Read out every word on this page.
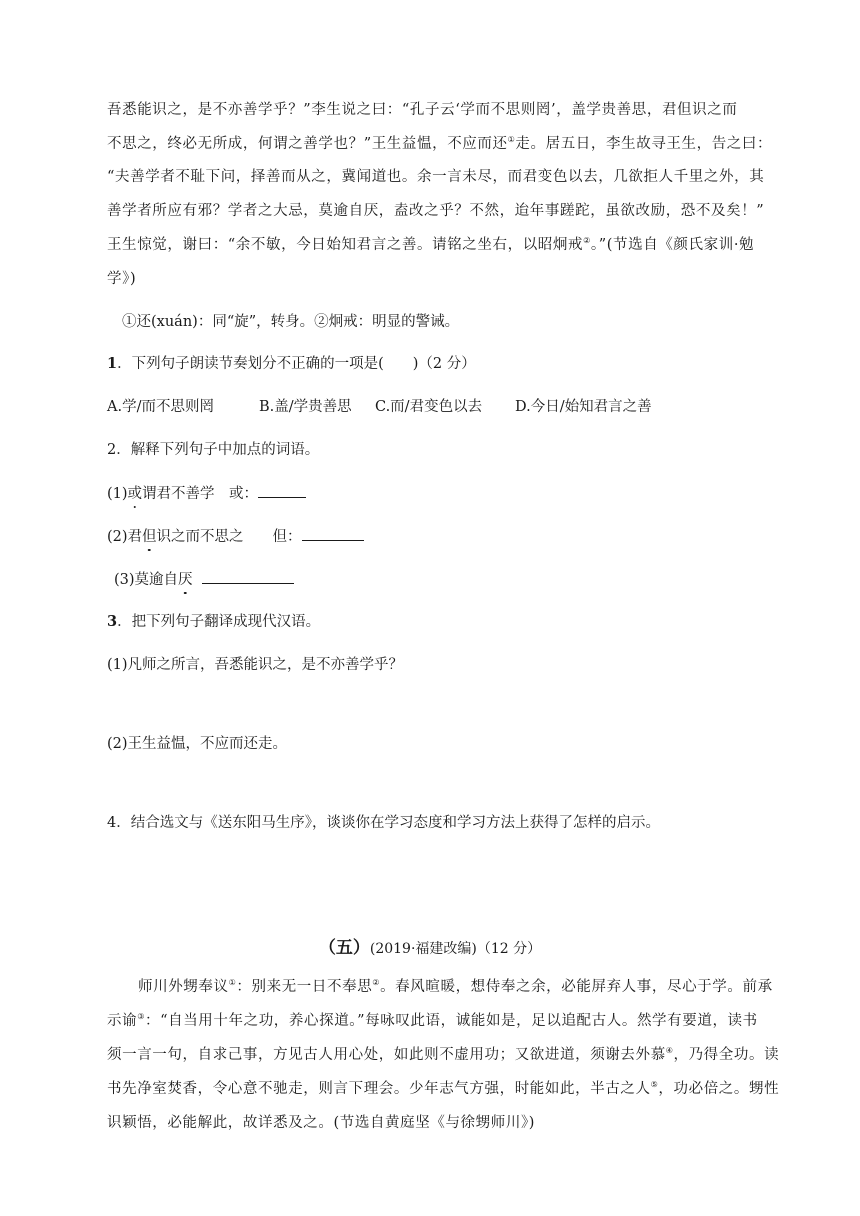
吾悉能识之，是不亦善学乎？”李生说之曰：“孔子云‘学而不思则罔’，盖学贵善思，君但识之而
不思之，终必无所成，何谓之善学也？”王生益愠，不应而还①走。居五日，李生故寻王生，告之曰：
“夫善学者不耻下问，择善而从之，冀闻道也。余一言未尽，而君变色以去，几欲拒人千里之外，其
善学者所应有邪？学者之大忌，莫逾自厌，盍改之乎？不然，迨年事蹉跎，虽欲改励，恐不及矣！”
王生惊觉，谢曰：“余不敏，今日始知君言之善。请铭之坐右，以昭炯戒②。”(节选自《颜氏家训·勉
学》)
①还(xuán)：同“旋”，转身。②炯戒：明显的警诫。
1．下列句子朗读节奏划分不正确的一项是(　　)（2 分）
A.学/而不思则罔	B.盖/学贵善思 C.而/君变色以去 D.今日/始知君言之善
2．解释下列句子中加点的词语。
(1)或谓君不善学　或：
(2)君但识之而不思之　　但：
(3)莫逾自厌
3．把下列句子翻译成现代汉语。
(1)凡师之所言，吾悉能识之，是不亦善学乎？
(2)王生益愠，不应而还走。
4．结合选文与《送东阳马生序》，谈谈你在学习态度和学习方法上获得了怎样的启示。
（五）(2019·福建改编)（12 分）
师川外甥奉议①：别来无一日不奉思②。春风暄暖，想侍奉之余，必能屏弃人事，尽心于学。前承
示谕③：“自当用十年之功，养心探道。”每咏叹此语，诚能如是，足以追配古人。然学有要道，读书
须一言一句，自求己事，方见古人用心处，如此则不虚用功；又欲进道，须谢去外慕④，乃得全功。读
书先净室焚香，令心意不驰走，则言下理会。少年志气方强，时能如此，半古之人⑤，功必倍之。甥性
识颖悟，必能解此，故详悉及之。(节选自黄庭坚《与徐甥师川》)
